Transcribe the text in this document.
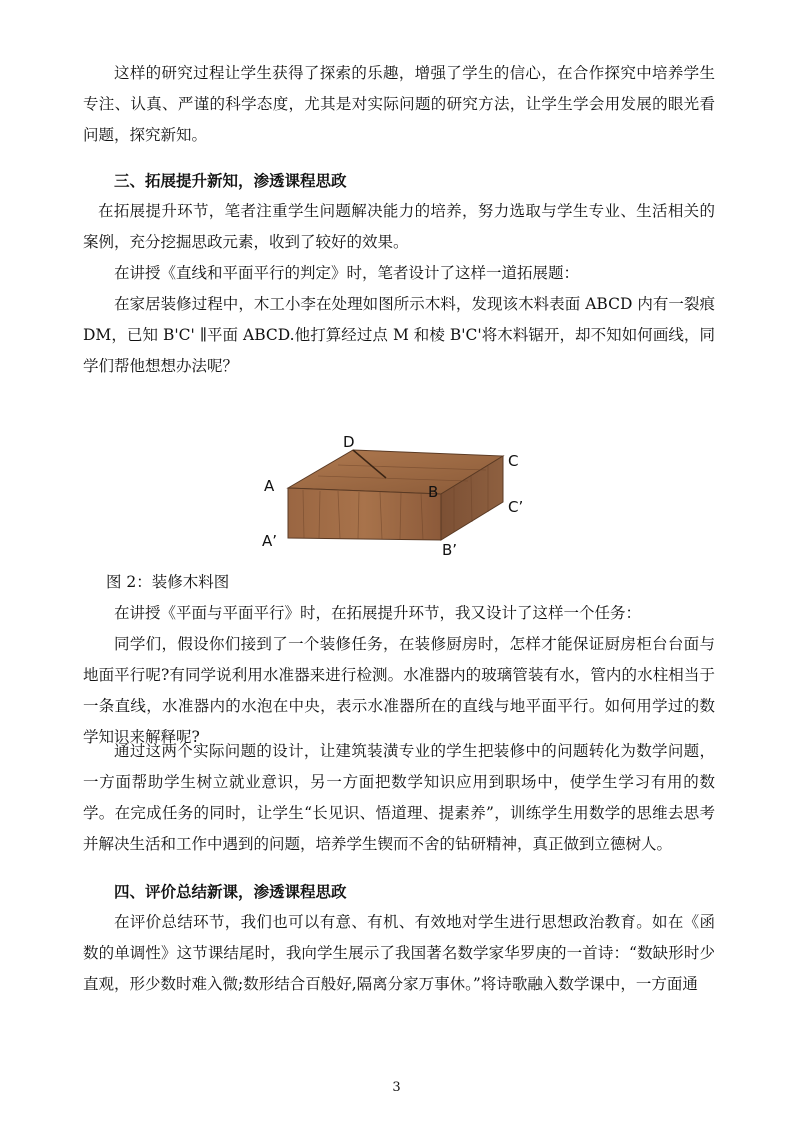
这样的研究过程让学生获得了探索的乐趣，增强了学生的信心，在合作探究中培养学生专注、认真、严谨的科学态度，尤其是对实际问题的研究方法，让学生学会用发展的眼光看问题，探究新知。

三、拓展提升新知，渗透课程思政

在拓展提升环节，笔者注重学生问题解决能力的培养，努力选取与学生专业、生活相关的案例，充分挖掘思政元素，收到了较好的效果。

在讲授《直线和平面平行的判定》时，笔者设计了这样一道拓展题：

在家居装修过程中，木工小李在处理如图所示木料，发现该木料表面 ABCD 内有一裂痕DM，已知 B'C' ∥平面 ABCD.他打算经过点 M 和棱 B'C'将木料锯开，却不知如何画线，同学们帮他想想办法呢？

D
C
A	B
C’
A’	B’

图 2：装修木料图

在讲授《平面与平面平行》时，在拓展提升环节，我又设计了这样一个任务：

同学们，假设你们接到了一个装修任务，在装修厨房时，怎样才能保证厨房柜台台面与地面平行呢?有同学说利用水准器来进行检测。水准器内的玻璃管装有水，管内的水柱相当于一条直线，水准器内的水泡在中央，表示水准器所在的直线与地平面平行。如何用学过的数学知识来解释呢?

通过这两个实际问题的设计，让建筑装潢专业的学生把装修中的问题转化为数学问题，一方面帮助学生树立就业意识，另一方面把数学知识应用到职场中，使学生学习有用的数学。在完成任务的同时，让学生“长见识、悟道理、提素养”，训练学生用数学的思维去思考并解决生活和工作中遇到的问题，培养学生锲而不舍的钻研精神，真正做到立德树人。

四、评价总结新课，渗透课程思政

在评价总结环节，我们也可以有意、有机、有效地对学生进行思想政治教育。如在《函数的单调性》这节课结尾时，我向学生展示了我国著名数学家华罗庚的一首诗：“数缺形时少直观，形少数时难入微;数形结合百般好,隔离分家万事休。”将诗歌融入数学课中，一方面通

3
